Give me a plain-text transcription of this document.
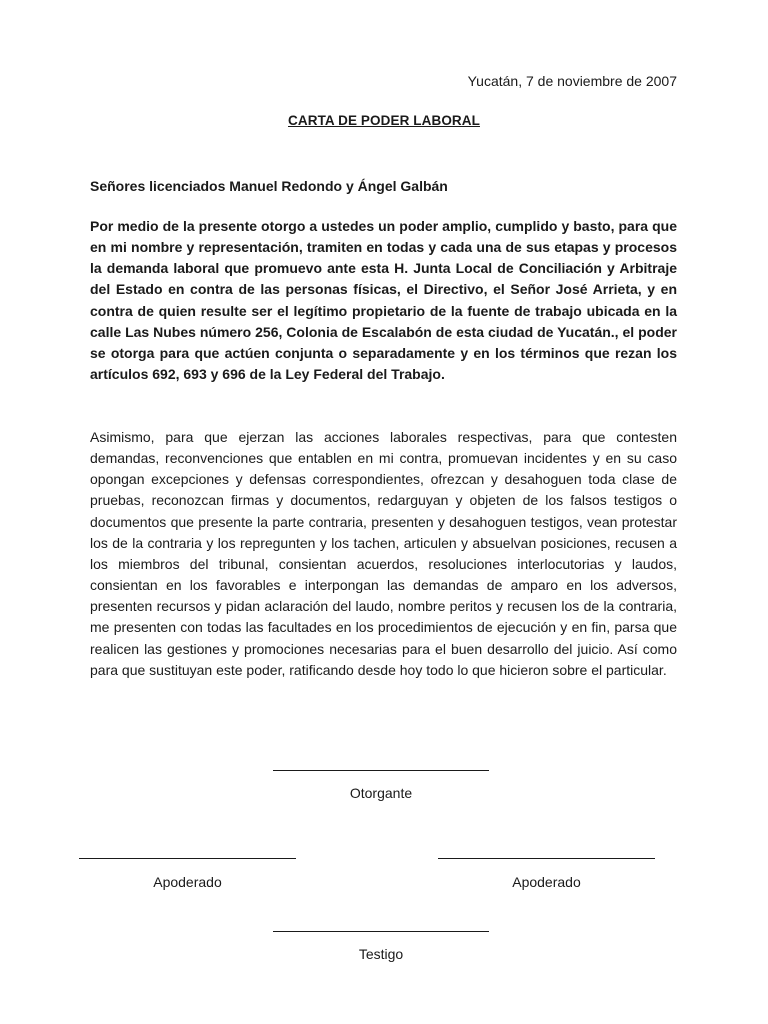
Yucatán, 7 de noviembre de 2007
CARTA DE PODER LABORAL
Señores licenciados Manuel Redondo y Ángel Galbán
Por medio de la presente otorgo a ustedes un poder amplio, cumplido y basto, para que en mi nombre y representación, tramiten en todas y cada una de sus etapas y procesos la demanda laboral que promuevo ante esta H. Junta Local de Conciliación y Arbitraje del Estado en contra de las personas físicas, el Directivo, el Señor José Arrieta, y en contra de quien resulte ser el legítimo propietario de la fuente de trabajo ubicada en la calle Las Nubes número 256, Colonia de Escalabón de esta ciudad de Yucatán., el poder se otorga para que actúen conjunta o separadamente y en los términos que rezan los artículos 692, 693 y 696 de la Ley Federal del Trabajo.
Asimismo, para que ejerzan las acciones laborales respectivas, para que contesten demandas, reconvenciones que entablen en mi contra, promuevan incidentes y en su caso opongan excepciones y defensas correspondientes, ofrezcan y desahoguen toda clase de pruebas, reconozcan firmas y documentos, redarguyan y objeten de los falsos testigos o documentos que presente la parte contraria, presenten y desahoguen testigos, vean protestar los de la contraria y los repregunten y los tachen, articulen y absuelvan posiciones, recusen a los miembros del tribunal, consientan acuerdos, resoluciones interlocutorias y laudos, consientan en los favorables e interpongan las demandas de amparo en los adversos, presenten recursos y pidan aclaración del laudo, nombre peritos y recusen los de la contraria, me presenten con todas las facultades en los procedimientos de ejecución y en fin, parsa que realicen las gestiones y promociones necesarias para el buen desarrollo del juicio. Así como para que sustituyan este poder, ratificando desde hoy todo lo que hicieron sobre el particular.
Otorgante
Apoderado	Apoderado
Testigo
